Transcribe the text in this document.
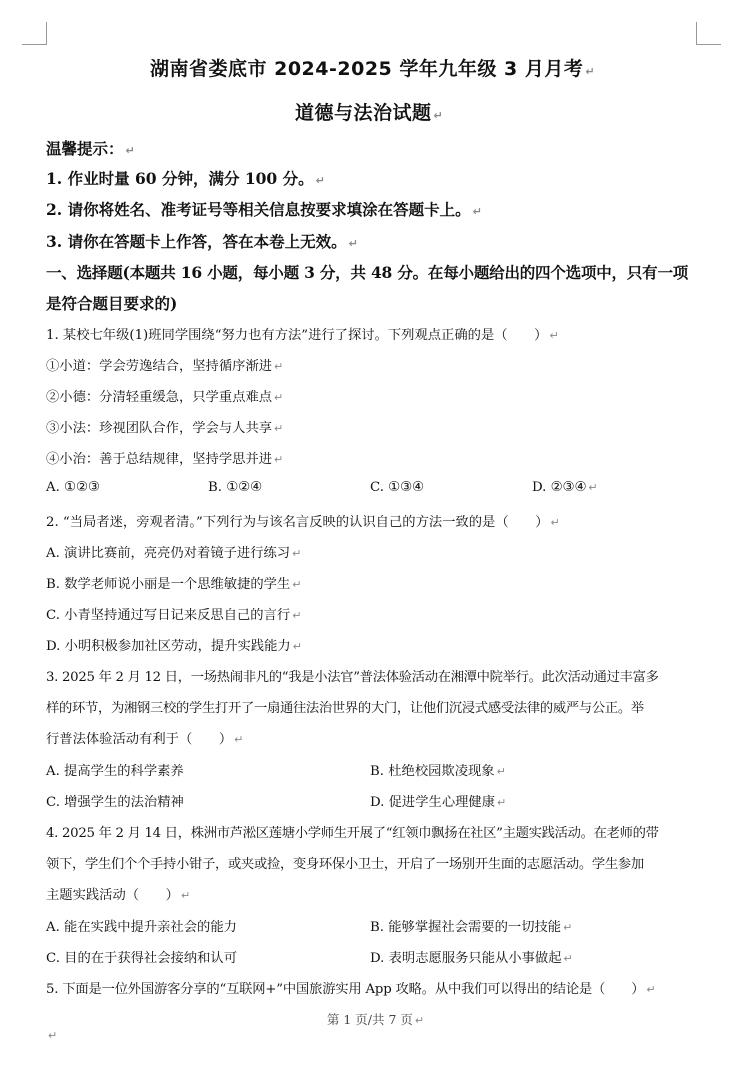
湖南省娄底市 2024-2025 学年九年级 3 月月考 ↵
道德与法治试题 ↵
温馨提示： ↵
1. 作业时量 60 分钟，满分 100 分。 ↵
2. 请你将姓名、准考证号等相关信息按要求填涂在答题卡上。 ↵
3. 请你在答题卡上作答，答在本卷上无效。 ↵
一、选择题(本题共 16 小题，每小题 3 分，共 48 分。在每小题给出的四个选项中，只有一项
是符合题目要求的)
1. 某校七年级(1)班同学围绕“努力也有方法”进行了探讨。下列观点正确的是（　　） ↵
①小道：学会劳逸结合，坚持循序渐进 ↵
②小德：分清轻重缓急，只学重点难点 ↵
③小法：珍视团队合作，学会与人共享 ↵
④小治：善于总结规律，坚持学思并进 ↵
A. ①②③	B. ①②④	C. ①③④	D. ②③④ ↵
2. “当局者迷，旁观者清。”下列行为与该名言反映的认识自己的方法一致的是（　　） ↵
A. 演讲比赛前，亮亮仍对着镜子进行练习 ↵
B. 数学老师说小丽是一个思维敏捷的学生 ↵
C. 小青坚持通过写日记来反思自己的言行 ↵
D. 小明积极参加社区劳动，提升实践能力 ↵
3. 2025 年 2 月 12 日，一场热闹非凡的“我是小法官”普法体验活动在湘潭中院举行。此次活动通过丰富多
样的环节，为湘钢三校的学生打开了一扇通往法治世界的大门，让他们沉浸式感受法律的威严与公正。举
行普法体验活动有利于（　　） ↵
A. 提高学生的科学素养	B. 杜绝校园欺凌现象 ↵
C. 增强学生的法治精神	D. 促进学生心理健康 ↵
4. 2025 年 2 月 14 日，株洲市芦淞区莲塘小学师生开展了“红领巾飘扬在社区”主题实践活动。在老师的带
领下，学生们个个手持小钳子，或夹或捡，变身环保小卫士，开启了一场别开生面的志愿活动。学生参加
主题实践活动（　　） ↵
A. 能在实践中提升亲社会的能力	B. 能够掌握社会需要的一切技能 ↵
C. 目的在于获得社会接纳和认可	D. 表明志愿服务只能从小事做起 ↵
5. 下面是一位外国游客分享的“互联网+”中国旅游实用 App 攻略。从中我们可以得出的结论是（　　） ↵
第 1 页/共 7 页 ↵
↵
